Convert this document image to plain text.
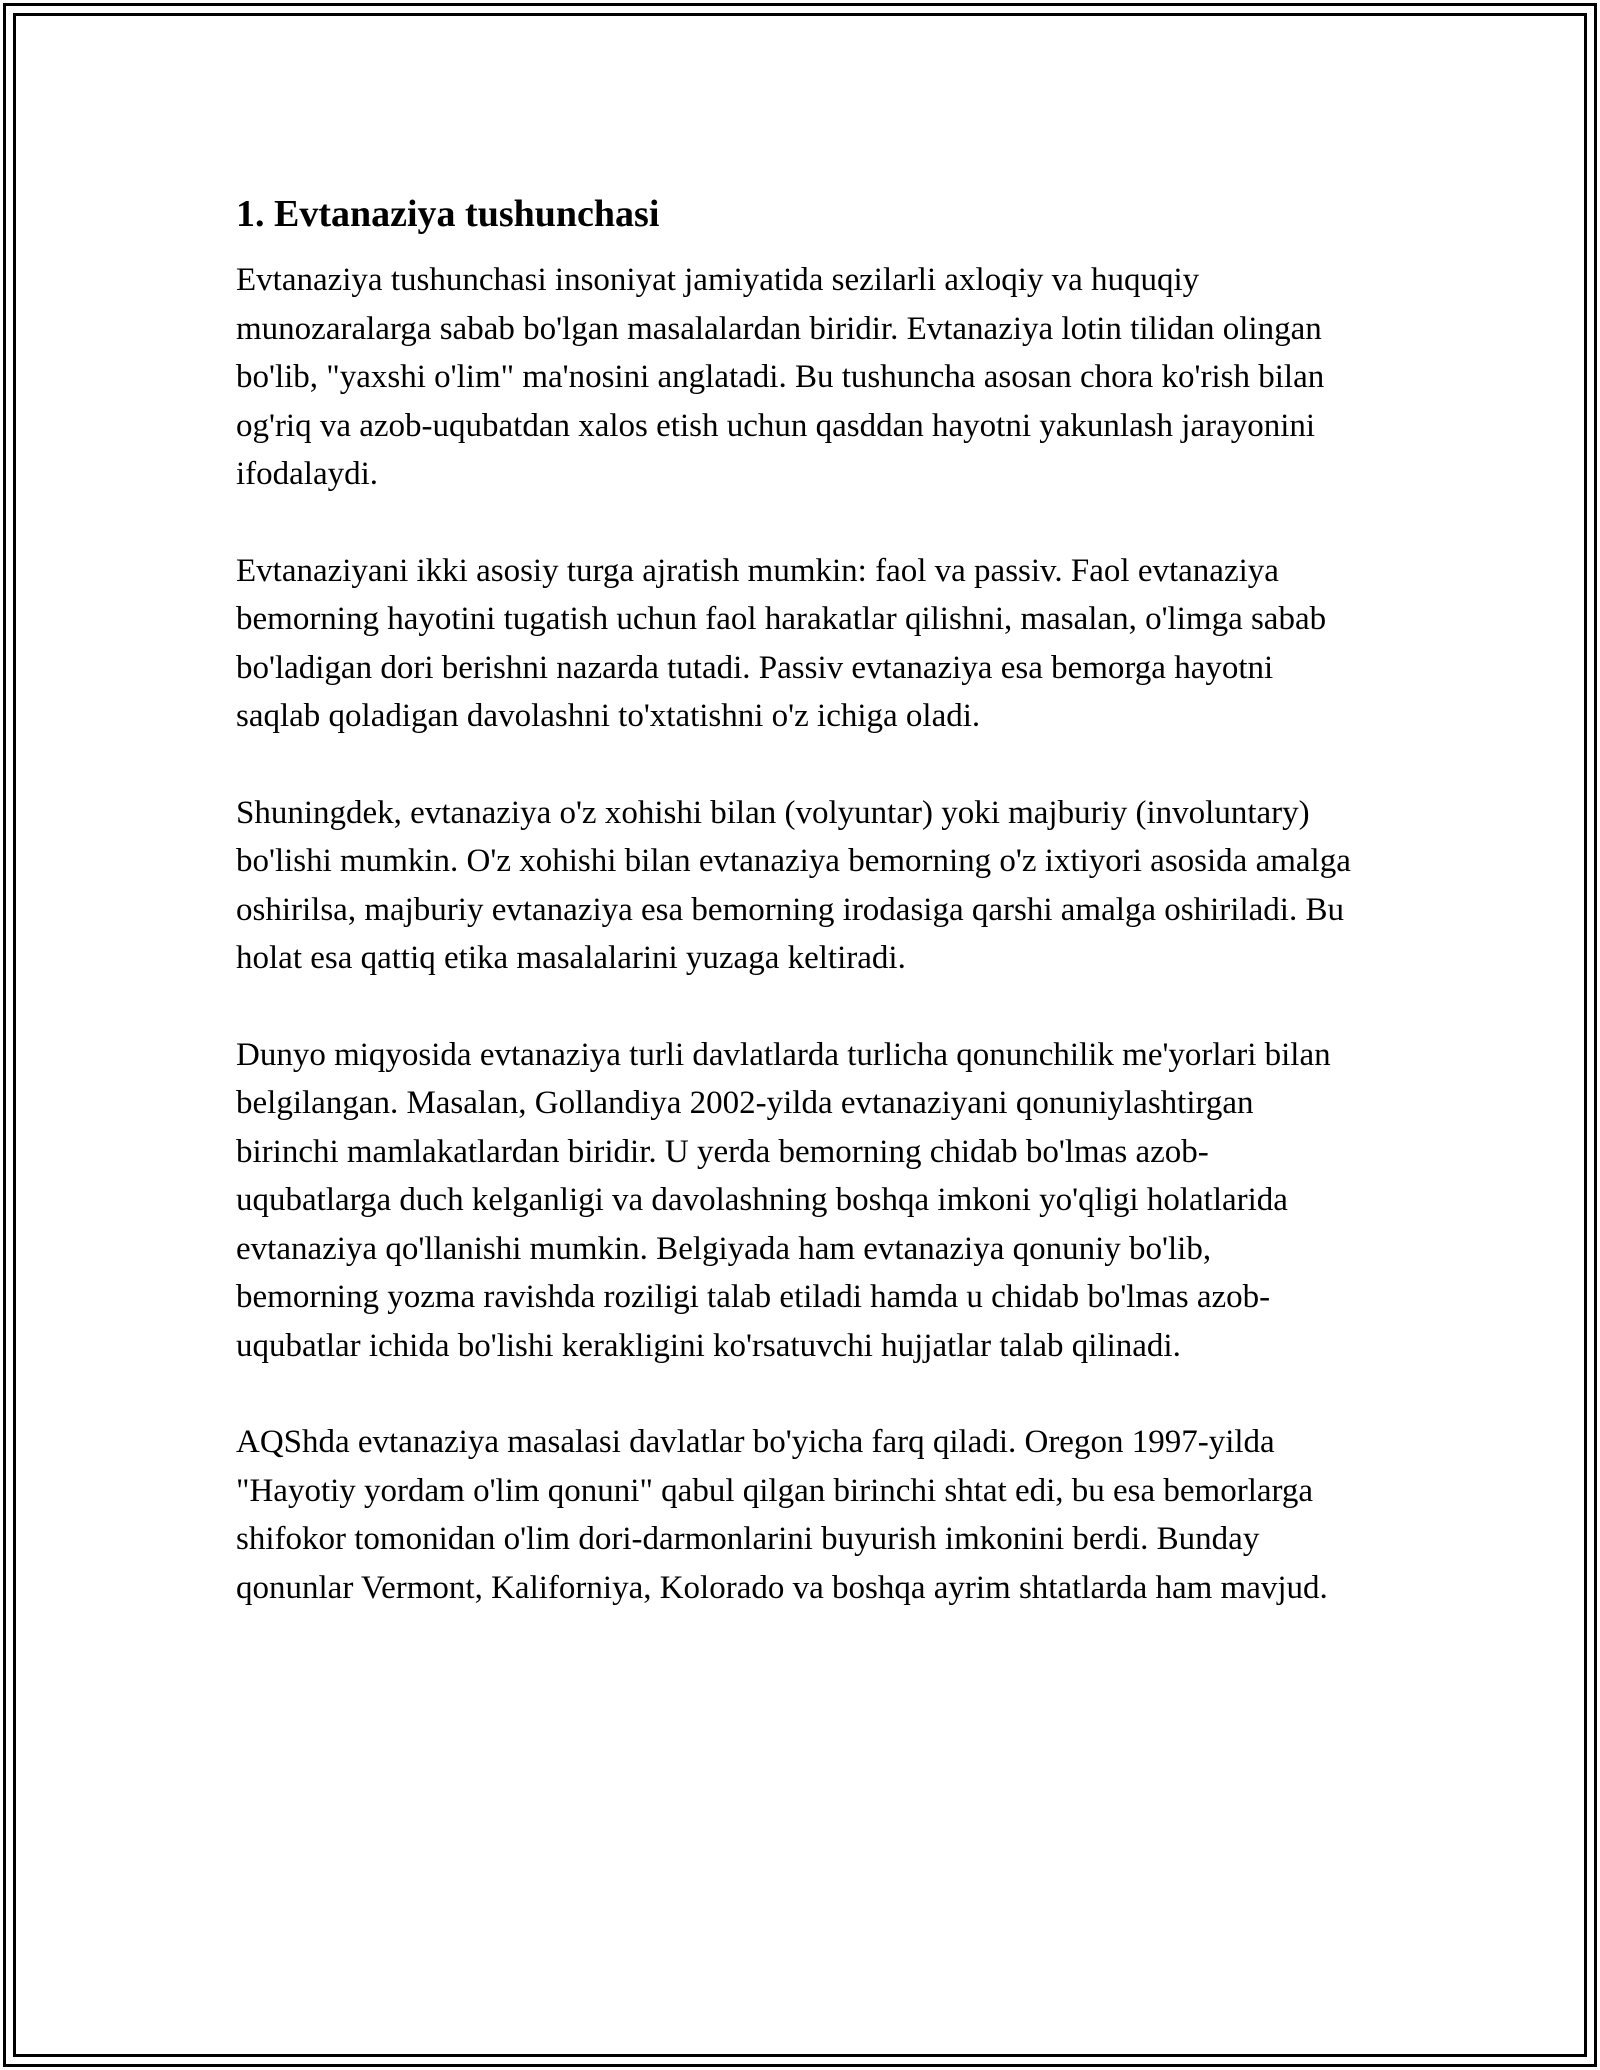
1. Evtanaziya tushunchasi

Evtanaziya tushunchasi insoniyat jamiyatida sezilarli axloqiy va huquqiy munozaralarga sabab bo'lgan masalalardan biridir. Evtanaziya lotin tilidan olingan bo'lib, "yaxshi o'lim" ma'nosini anglatadi. Bu tushuncha asosan chora ko'rish bilan og'riq va azob-uqubatdan xalos etish uchun qasddan hayotni yakunlash jarayonini ifodalaydi.

Evtanaziyani ikki asosiy turga ajratish mumkin: faol va passiv. Faol evtanaziya bemorning hayotini tugatish uchun faol harakatlar qilishni, masalan, o'limga sabab bo'ladigan dori berishni nazarda tutadi. Passiv evtanaziya esa bemorga hayotni saqlab qoladigan davolashni to'xtatishni o'z ichiga oladi.

Shuningdek, evtanaziya o'z xohishi bilan (volyuntar) yoki majburiy (involuntary) bo'lishi mumkin. O'z xohishi bilan evtanaziya bemorning o'z ixtiyori asosida amalga oshirilsa, majburiy evtanaziya esa bemorning irodasiga qarshi amalga oshiriladi. Bu holat esa qattiq etika masalalarini yuzaga keltiradi.

Dunyo miqyosida evtanaziya turli davlatlarda turlicha qonunchilik me'yorlari bilan belgilangan. Masalan, Gollandiya 2002-yilda evtanaziyani qonuniylashtirgan birinchi mamlakatlardan biridir. U yerda bemorning chidab bo'lmas azob-uqubatlarga duch kelganligi va davolashning boshqa imkoni yo'qligi holatlarida evtanaziya qo'llanishi mumkin. Belgiyada ham evtanaziya qonuniy bo'lib, bemorning yozma ravishda roziligi talab etiladi hamda u chidab bo'lmas azob-uqubatlar ichida bo'lishi kerakligini ko'rsatuvchi hujjatlar talab qilinadi.

AQShda evtanaziya masalasi davlatlar bo'yicha farq qiladi. Oregon 1997-yilda "Hayotiy yordam o'lim qonuni" qabul qilgan birinchi shtat edi, bu esa bemorlarga shifokor tomonidan o'lim dori-darmonlarini buyurish imkonini berdi. Bunday qonunlar Vermont, Kaliforniya, Kolorado va boshqa ayrim shtatlarda ham mavjud.
